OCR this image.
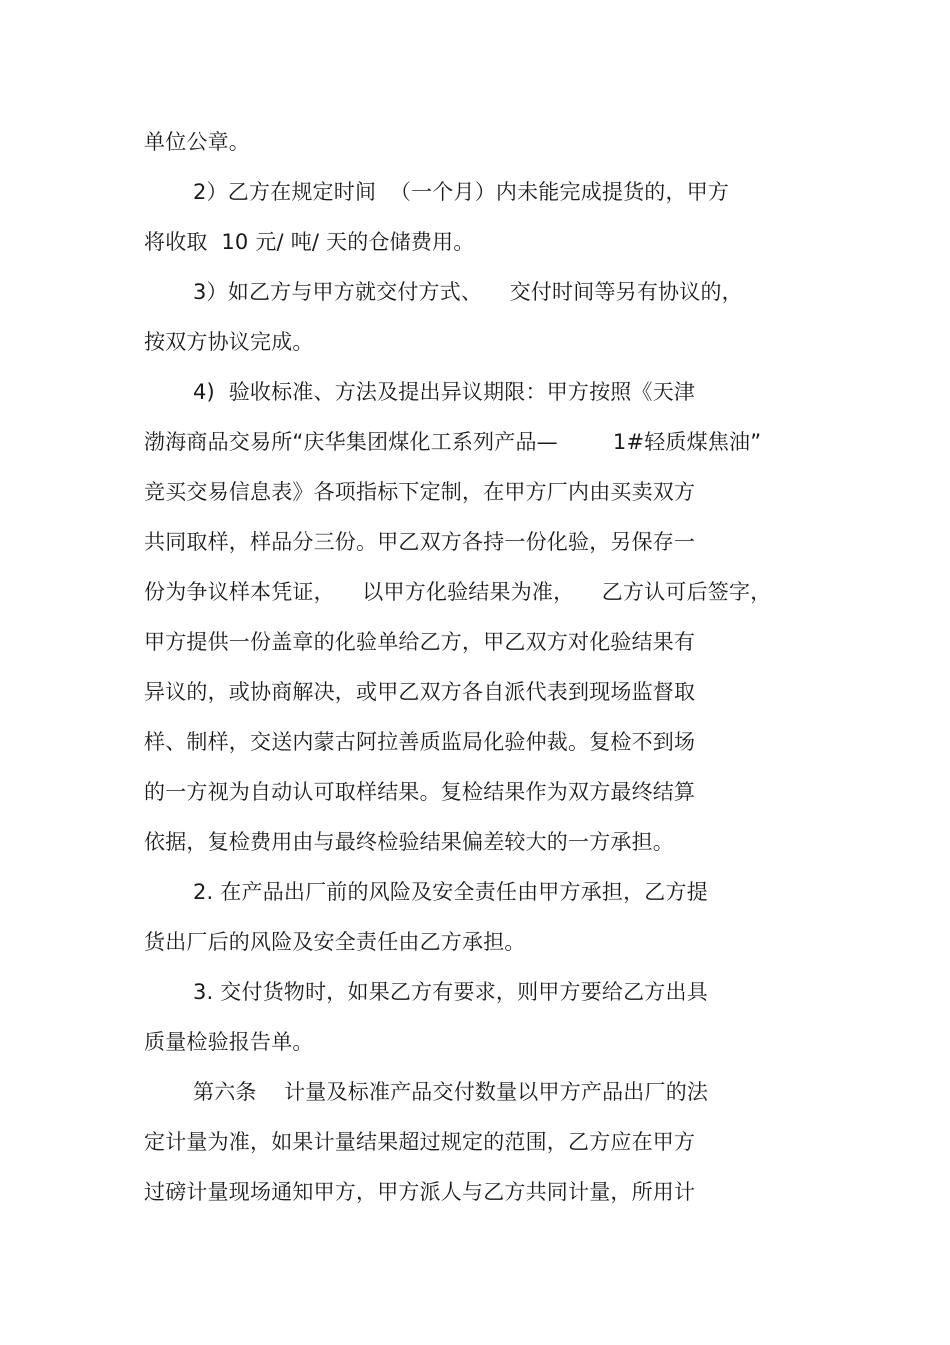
单位公章。
2）乙方在规定时间  （一个月）内未能完成提货的，甲方
将收取  10 元/ 吨/ 天的仓储费用。
3）如乙方与甲方就交付方式、    交付时间等另有协议的，
按双方协议完成。
4)  验收标准、方法及提出异议期限：甲方按照《天津
渤海商品交易所“庆华集团煤化工系列产品—        1#轻质煤焦油”
竞买交易信息表》各项指标下定制，在甲方厂内由买卖双方
共同取样，样品分三份。甲乙双方各持一份化验，另保存一
份为争议样本凭证，    以甲方化验结果为准，    乙方认可后签字，
甲方提供一份盖章的化验单给乙方，甲乙双方对化验结果有
异议的，或协商解决，或甲乙双方各自派代表到现场监督取
样、制样，交送内蒙古阿拉善质监局化验仲裁。复检不到场
的一方视为自动认可取样结果。复检结果作为双方最终结算
依据，复检费用由与最终检验结果偏差较大的一方承担。
2. 在产品出厂前的风险及安全责任由甲方承担，乙方提
货出厂后的风险及安全责任由乙方承担。
3. 交付货物时，如果乙方有要求，则甲方要给乙方出具
质量检验报告单。
第六条    计量及标准产品交付数量以甲方产品出厂的法
定计量为准，如果计量结果超过规定的范围，乙方应在甲方
过磅计量现场通知甲方，甲方派人与乙方共同计量，所用计
